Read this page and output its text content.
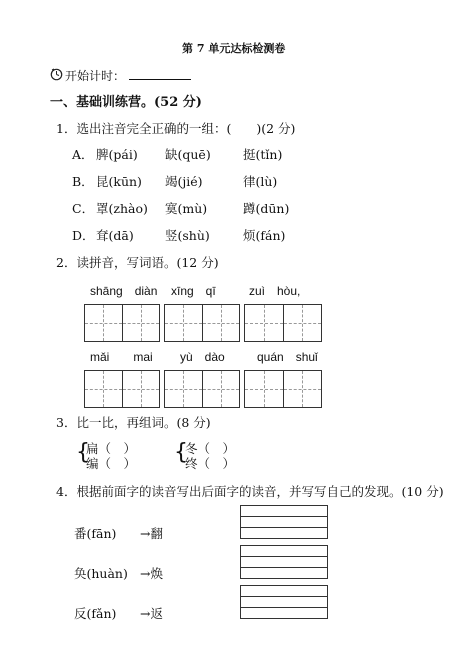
第 7 单元达标检测卷
开始计时：
一、基础训练营。(52 分)
1．选出注音完全正确的一组：(　　)(2 分)
A． 脾(pái) 缺(quē)	挺(tǐn)
B． 昆(kūn) 竭(jié)	律(lù)
C． 罩(zhào) 寞(mù)	蹲(dūn)
D． 耷(dā)	竖(shù)	烦(fán)
2．读拼音，写词语。(12 分)
shāng　diàn xīng　qī	zuì　hòu,
mǎi　　mai yù　dào	quán　shuǐ
3．比一比，再组词。(8 分)
{
扁（　）
编（　） {
冬（　）
终（　）
4．根据前面字的读音写出后面字的读音，并写写自己的发现。(10 分)
番(fān) →翻
奂(huàn) →焕
反(fǎn) →返
